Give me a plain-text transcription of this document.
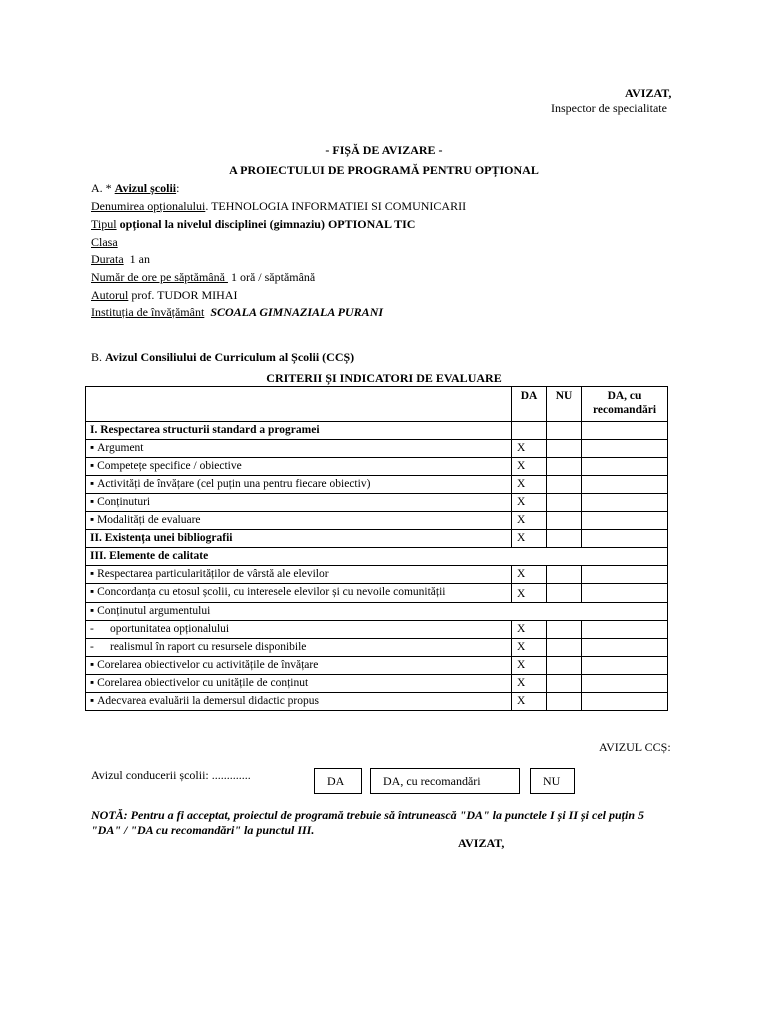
AVIZAT,
Inspector de specialitate
- FIȘĂ DE AVIZARE -
A PROIECTULUI DE PROGRAMĂ PENTRU OPȚIONAL
A. * Avizul școlii:
Denumirea opționalului. TEHNOLOGIA INFORMATIEI SI COMUNICARII
Tipul opțional la nivelul disciplinei (gimnaziu) OPTIONAL TIC
Clasa
Durata  1 an
Număr de ore pe săptămână  1 oră / săptămână
Autorul prof. TUDOR MIHAI
Instituția de învățământ  SCOALA GIMNAZIALA PURANI
B. Avizul Consiliului de Curriculum al Școlii (CCȘ)
CRITERII ȘI INDICATORI DE EVALUARE
	DA	NU	DA, cu recomandări
I. Respectarea structurii standard a programei			
▪ Argument	X		
▪ Competețe specifice / obiective	X		
▪ Activități de învățare (cel puțin una pentru fiecare obiectiv)	X		
▪ Conținuturi	X		
▪ Modalități de evaluare	X		
II. Existența unei bibliografii	X		
III. Elemente de calitate			
▪ Respectarea particularităților de vârstă ale elevilor	X		
▪ Concordanța cu etosul școlii, cu interesele elevilor și cu nevoile comunității	X		
▪ Conținutul argumentului
- oportunitatea opționalului	X		
- realismul în raport cu resursele disponibile	X		
▪ Corelarea obiectivelor cu activitățile de învățare	X		
▪ Corelarea obiectivelor cu unitățile de conținut	X		
▪ Adecvarea evaluării la demersul didactic propus	X		
AVIZUL CCȘ:
Avizul conducerii școlii: .............	DA	DA, cu recomandări	NU
NOTĂ: Pentru a fi acceptat, proiectul de programă trebuie să întrunească "DA" la punctele I și II și cel puțin 5 "DA" / "DA cu recomandări" la punctul III.
AVIZAT,
